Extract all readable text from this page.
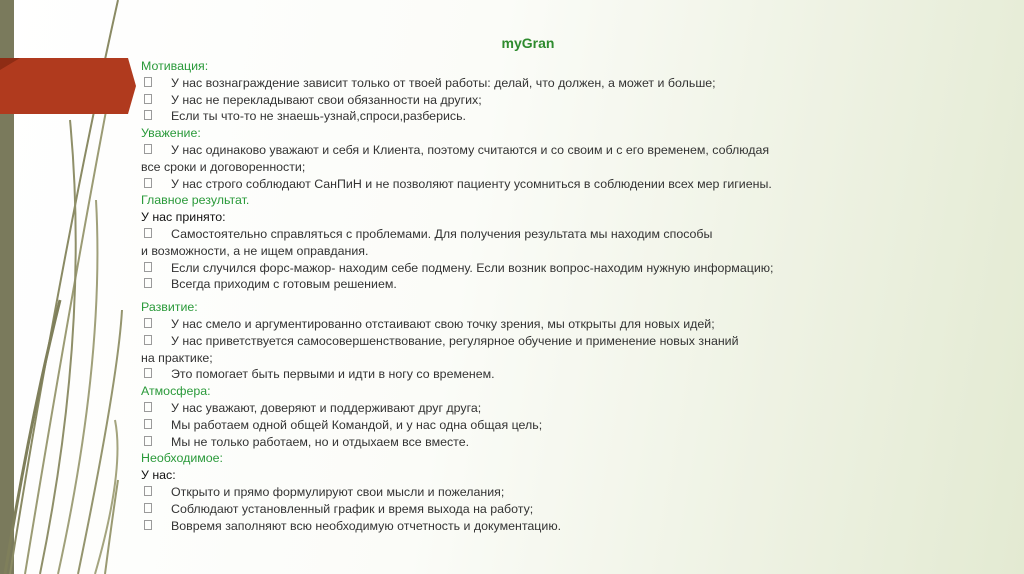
myGran
Мотивация:
У нас вознаграждение зависит только от твоей работы: делай, что должен, а может и больше;
У нас не перекладывают свои обязанности на других;
Если ты что-то не знаешь-узнай,спроси,разберись.
Уважение:
У нас одинаково уважают и себя и Клиента, поэтому считаются и со своим и с его временем, соблюдая
все сроки и договоренности;
У нас строго соблюдают СанПиН и не позволяют пациенту усомниться в соблюдении всех мер гигиены.
Главное результат.
У нас принято:
Самостоятельно справляться с проблемами. Для получения результата мы находим способы
и возможности, а не ищем оправдания.
Если случился форс-мажор- находим себе подмену. Если возник вопрос-находим нужную информацию;
Всегда приходим с готовым решением.
Развитие:
У нас смело и аргументированно отстаивают свою точку зрения, мы открыты для новых идей;
У нас приветствуется самосовершенствование, регулярное обучение и применение новых знаний
на практике;
Это помогает быть первыми и идти в ногу со временем.
Атмосфера:
У нас уважают, доверяют и поддерживают друг друга;
Мы работаем одной общей Командой, и у нас одна общая цель;
Мы не только работаем, но и отдыхаем все вместе.
Необходимое:
У нас:
Открыто и прямо формулируют свои мысли и пожелания;
Соблюдают установленный график и время выхода на работу;
Вовремя заполняют всю необходимую отчетность и документацию.
